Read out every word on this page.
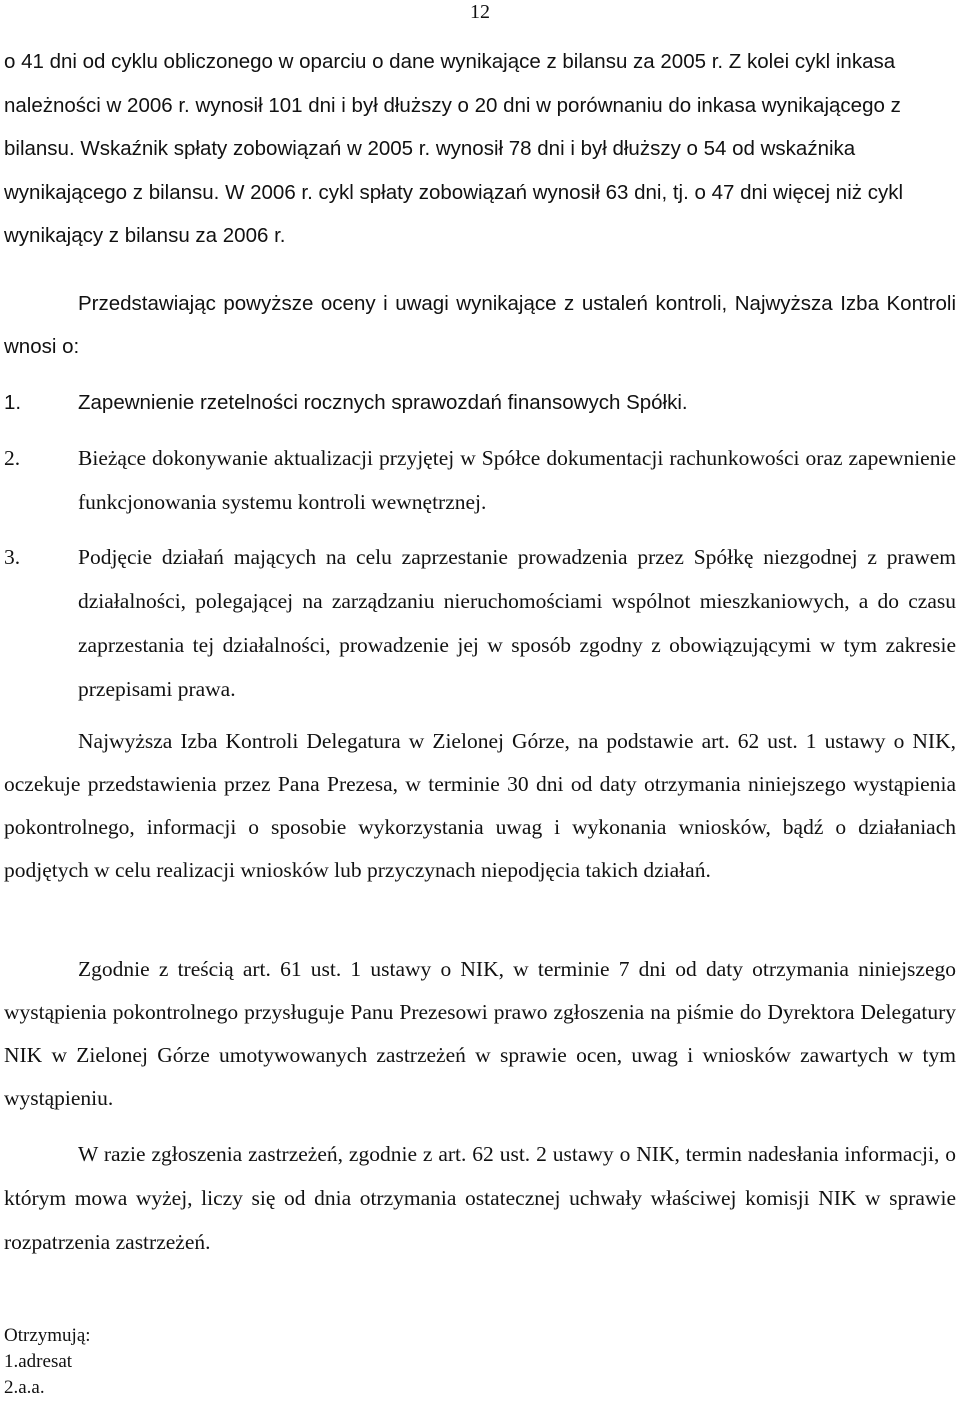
12

o 41 dni od cyklu obliczonego w oparciu o dane wynikające z bilansu za 2005 r. Z kolei cykl inkasa należności w 2006 r. wynosił 101 dni i był dłuższy o 20 dni w porównaniu do inkasa wynikającego z bilansu. Wskaźnik spłaty zobowiązań w 2005 r. wynosił 78 dni i był dłuższy o 54 od wskaźnika wynikającego z bilansu. W 2006 r. cykl spłaty zobowiązań wynosił 63 dni, tj. o 47 dni więcej niż cykl wynikający z bilansu za 2006 r.

Przedstawiając powyższe oceny i uwagi wynikające z ustaleń kontroli, Najwyższa Izba Kontroli wnosi o:

1.	Zapewnienie rzetelności rocznych sprawozdań finansowych Spółki.
2.	Bieżące dokonywanie aktualizacji przyjętej w Spółce dokumentacji rachunkowości oraz zapewnienie funkcjonowania systemu kontroli wewnętrznej.
3.	Podjęcie działań mających na celu zaprzestanie prowadzenia przez Spółkę niezgodnej z prawem działalności, polegającej na zarządzaniu nieruchomościami wspólnot mieszkaniowych, a do czasu zaprzestania tej działalności, prowadzenie jej w sposób zgodny z obowiązującymi w tym zakresie przepisami prawa.

Najwyższa Izba Kontroli Delegatura w Zielonej Górze, na podstawie art. 62 ust. 1 ustawy o NIK, oczekuje przedstawienia przez Pana Prezesa, w terminie 30 dni od daty otrzymania niniejszego wystąpienia pokontrolnego, informacji o sposobie wykorzystania uwag i wykonania wniosków, bądź o działaniach podjętych w celu realizacji wniosków lub przyczynach niepodjęcia takich działań.

Zgodnie z treścią art. 61 ust. 1 ustawy o NIK, w terminie 7 dni od daty otrzymania niniejszego wystąpienia pokontrolnego przysługuje Panu Prezesowi prawo zgłoszenia na piśmie do Dyrektora Delegatury NIK w Zielonej Górze umotywowanych zastrzeżeń w sprawie ocen, uwag i wniosków zawartych w tym wystąpieniu.

W razie zgłoszenia zastrzeżeń, zgodnie z art. 62 ust. 2 ustawy o NIK, termin nadesłania informacji, o którym mowa wyżej, liczy się od dnia otrzymania ostatecznej uchwały właściwej komisji NIK w sprawie rozpatrzenia zastrzeżeń.

Otrzymują:
1.adresat
2.a.a.
